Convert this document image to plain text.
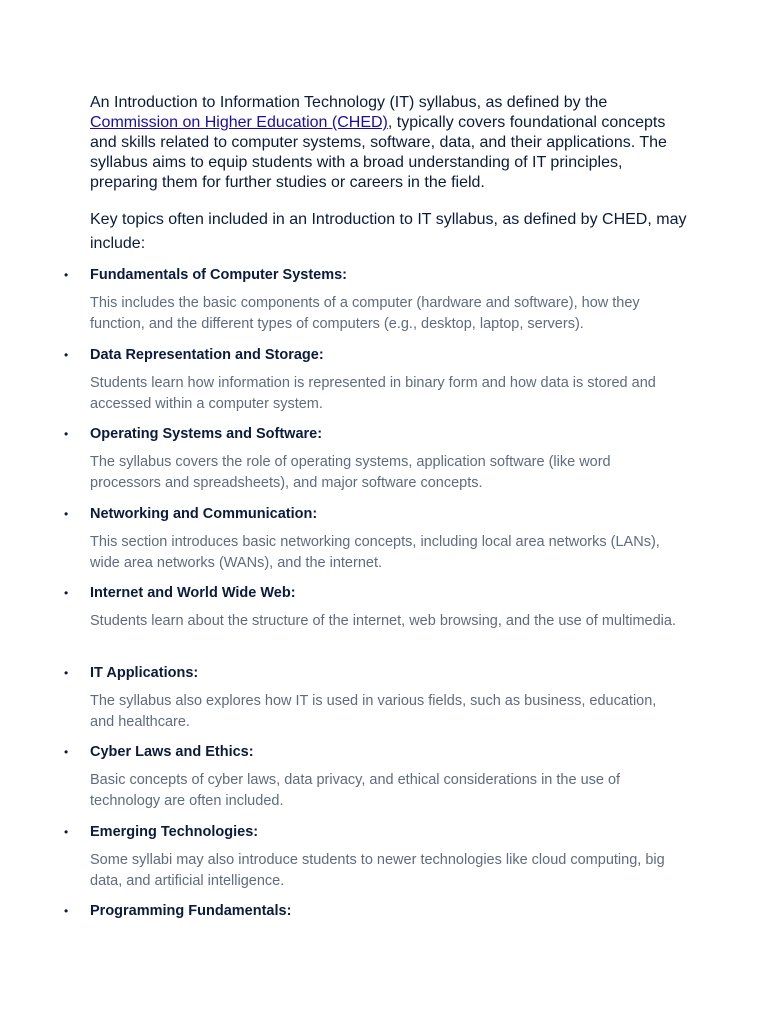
An Introduction to Information Technology (IT) syllabus, as defined by the Commission on Higher Education (CHED), typically covers foundational concepts and skills related to computer systems, software, data, and their applications. The syllabus aims to equip students with a broad understanding of IT principles, preparing them for further studies or careers in the field.

Key topics often included in an Introduction to IT syllabus, as defined by CHED, may include:

• Fundamentals of Computer Systems:

This includes the basic components of a computer (hardware and software), how they function, and the different types of computers (e.g., desktop, laptop, servers).

• Data Representation and Storage:

Students learn how information is represented in binary form and how data is stored and accessed within a computer system.

• Operating Systems and Software:

The syllabus covers the role of operating systems, application software (like word processors and spreadsheets), and major software concepts.

• Networking and Communication:

This section introduces basic networking concepts, including local area networks (LANs), wide area networks (WANs), and the internet.

• Internet and World Wide Web:

Students learn about the structure of the internet, web browsing, and the use of multimedia.

• IT Applications:

The syllabus also explores how IT is used in various fields, such as business, education, and healthcare.

• Cyber Laws and Ethics:

Basic concepts of cyber laws, data privacy, and ethical considerations in the use of technology are often included.

• Emerging Technologies:

Some syllabi may also introduce students to newer technologies like cloud computing, big data, and artificial intelligence.

• Programming Fundamentals:
